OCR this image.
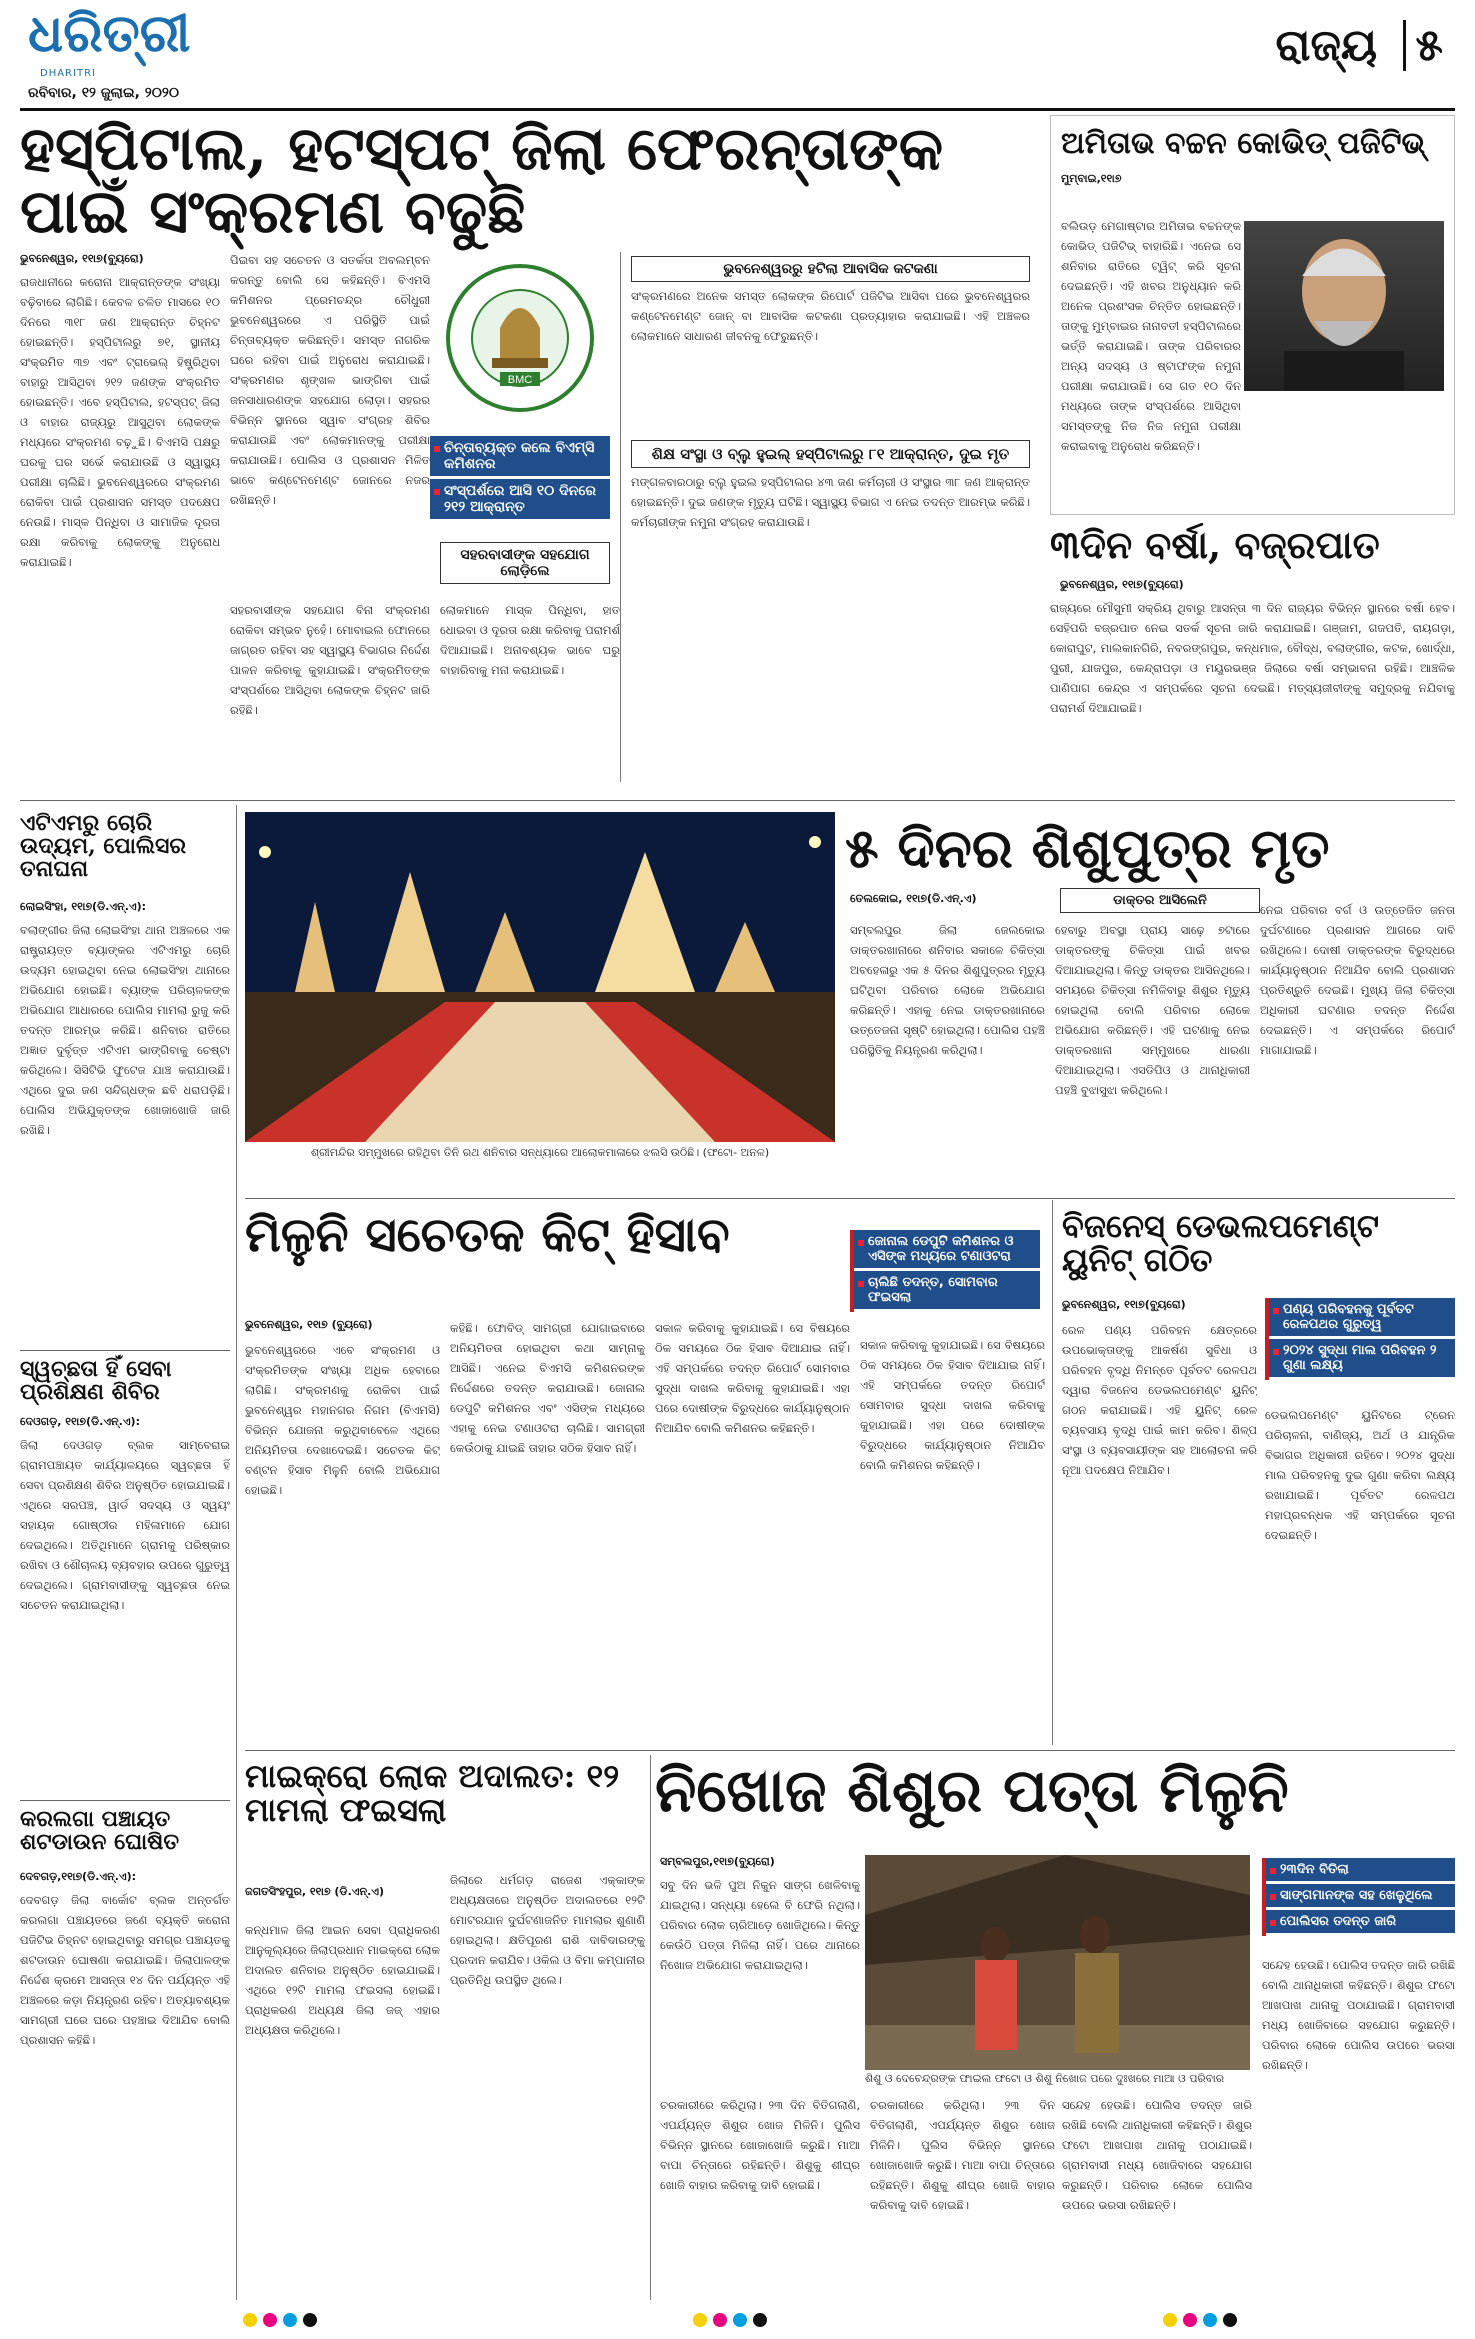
ଧରିତ୍ରୀ
DHARITRI
ରବିବାର, ୧୨ ଜୁଲାଇ, ୨୦୨୦
ରାଜ୍ୟ ୫
ହସ୍ପିଟାଲ, ହଟସ୍ପଟ୍ ଜିଲା ଫେରନ୍ତାଙ୍କ ପାଇଁ ସଂକ୍ରମଣ ବଢୁଛି
ଭୁବନେଶ୍ୱର, ୧୧ା୭(ବ୍ୟୁରୋ)
ରାଜଧାନୀରେ କରୋନା ଆକ୍ରାନ୍ତଙ୍କ ସଂଖ୍ୟା ବଢ଼ିବାରେ ଲାଗିଛି। କେବଳ ଚଳିତ ମାସରେ ୧୦ ଦିନରେ ୩୧୮ ଜଣ ଆକ୍ରାନ୍ତ ଚିହ୍ନଟ ହୋଇଛନ୍ତି। ହସ୍ପିଟାଲରୁ ୭୧, ସ୍ଥାନୀୟ ସଂକ୍ରମିତ ୩୭ ଏବଂ ଟ୍ରାଭେଲ୍ ହିଷ୍ଟ୍ରିଥିବା ବାହାରୁ ଆସିଥିବା ୨୧୨ ଜଣଙ୍କ ସଂକ୍ରମିତ ହୋଇଛନ୍ତି। ଏବେ ହସ୍ପିଟାଲ, ହଟସ୍ପଟ୍ ଜିଲା ଓ ବାହାର ରାଜ୍ୟରୁ ଆସୁଥିବା ଲୋକଙ୍କ ମଧ୍ୟରେ ସଂକ୍ରମଣ ବଢ଼ୁଛି। ବିଏମସି ପକ୍ଷରୁ ଘରକୁ ଘର ସର୍ଭେ କରାଯାଉଛି ଓ ସ୍ୱାସ୍ଥ୍ୟ ପରୀକ୍ଷା ଚାଲିଛି। ଭୁବନେଶ୍ୱରରେ ସଂକ୍ରମଣ ରୋକିବା ପାଇଁ ପ୍ରଶାସନ ସମସ୍ତ ପଦକ୍ଷେପ ନେଉଛି। ମାସ୍କ ପିନ୍ଧିବା ଓ ସାମାଜିକ ଦୂରତା ରକ୍ଷା କରିବାକୁ ଲୋକଙ୍କୁ ଅନୁରୋଧ କରାଯାଇଛି।
ପିଇବା ସହ ସଚେତନ ଓ ସତର୍କତା ଅବଲମ୍ବନ କରନ୍ତୁ ବୋଲି ସେ କହିଛନ୍ତି। ବିଏମସି କମିଶନର ପ୍ରେମଚନ୍ଦ୍ର ଚୌଧୁରୀ ଭୁବନେଶ୍ୱରରେ ଏ ପରିସ୍ଥିତି ପାଇଁ ଚିନ୍ତାବ୍ୟକ୍ତ କରିଛନ୍ତି। ସମସ୍ତ ନାଗରିକ ଘରେ ରହିବା ପାଇଁ ଅନୁରୋଧ କରାଯାଇଛି। ସଂକ୍ରମଣର ଶୃଙ୍ଖଳ ଭାଙ୍ଗିବା ପାଇଁ ଜନସାଧାରଣଙ୍କ ସହଯୋଗ ଲୋଡ଼ା। ସହରର ବିଭିନ୍ନ ସ୍ଥାନରେ ସ୍ୱାବ ସଂଗ୍ରହ ଶିବିର କରାଯାଉଛି ଏବଂ ଲୋକମାନଙ୍କୁ ପରୀକ୍ଷା କରାଯାଉଛି। ପୋଲିସ ଓ ପ୍ରଶାସନ ମିଳିତ ଭାବେ କଣ୍ଟେନମେଣ୍ଟ ଜୋନରେ ନଜର ରଖିଛନ୍ତି।
ସହରବାସୀଙ୍କ ସହଯୋଗ ବିନା ସଂକ୍ରମଣ ରୋକିବା ସମ୍ଭବ ନୁହେଁ। ମୋବାଇଲ ଫୋନରେ ଜାଗ୍ରତ ରହିବା ସହ ସ୍ୱାସ୍ଥ୍ୟ ବିଭାଗର ନିର୍ଦ୍ଦେଶ ପାଳନ କରିବାକୁ କୁହାଯାଇଛି। ସଂକ୍ରମିତଙ୍କ ସଂସ୍ପର୍ଶରେ ଆସିଥିବା ଲୋକଙ୍କ ଚିହ୍ନଟ ଜାରି ରହିଛି।
BMC
ଚିନ୍ତାବ୍ୟକ୍ତ କଲେ ବିଏମ୍ସି କମିଶନର
ସଂସ୍ପର୍ଶରେ ଆସି ୧୦ ଦିନରେ ୨୧୨ ଆକ୍ରାନ୍ତ
ସହରବାସୀଙ୍କ ସହଯୋଗ ଲୋଡ଼ିଲେ
ଲୋକମାନେ ମାସ୍କ ପିନ୍ଧିବା, ହାତ ଧୋଇବା ଓ ଦୂରତା ରକ୍ଷା କରିବାକୁ ପରାମର୍ଶ ଦିଆଯାଇଛି। ଅନାବଶ୍ୟକ ଭାବେ ଘରୁ ବାହାରିବାକୁ ମନା କରାଯାଇଛି।
ଭୁବନେଶ୍ୱରରୁ ହଟିଲା ଆବାସିକ କଟକଣା
ସଂକ୍ରମଣରେ ଅନେକ ସମସ୍ତ ଲୋକଙ୍କ ରିପୋର୍ଟ ପଜିଟିଭ ଆସିବା ପରେ ଭୁବନେଶ୍ୱରର କଣ୍ଟେନମେଣ୍ଟ ଜୋନ୍ ବା ଆବାସିକ କଟକଣା ପ୍ରତ୍ୟାହାର କରାଯାଇଛି। ଏହି ଅଞ୍ଚଳର ଲୋକମାନେ ସାଧାରଣ ଜୀବନକୁ ଫେରୁଛନ୍ତି।
ଶିକ୍ଷ ସଂସ୍ଥା ଓ ବ୍ଲୁ ହୁଇଲ୍ ହସ୍ପିଟାଲରୁ ୮୧ ଆକ୍ରାନ୍ତ, ଦୁଇ ମୃତ
ମଙ୍ଗଳବାରଠାରୁ ବ୍ଲୁ ହୁଇଲ ହସ୍ପିଟାଲର ୪୩ ଜଣ କର୍ମଚାରୀ ଓ ସଂସ୍ଥାର ୩୮ ଜଣ ଆକ୍ରାନ୍ତ ହୋଇଛନ୍ତି। ଦୁଇ ଜଣଙ୍କ ମୃତ୍ୟୁ ଘଟିଛି। ସ୍ୱାସ୍ଥ୍ୟ ବିଭାଗ ଏ ନେଇ ତଦନ୍ତ ଆରମ୍ଭ କରିଛି। କର୍ମଚାରୀଙ୍କ ନମୁନା ସଂଗ୍ରହ କରାଯାଉଛି।
ଅମିତାଭ ବଚ୍ଚନ କୋଭିଡ୍ ପଜିଟିଭ୍
ମୁମ୍ବାଇ,୧୧ା୭
ବଲିଉଡ଼ ମେଗାଷ୍ଟାର ଅମିତାଭ ବଚ୍ଚନଙ୍କ କୋଭିଡ୍ ପଜିଟିଭ୍ ବାହାରିଛି। ଏନେଇ ସେ ଶନିବାର ରାତିରେ ଟ୍ୱିଟ୍ କରି ସୂଚନା ଦେଇଛନ୍ତି। ଏହି ଖବର ଅନୁଧ୍ୟାନ କରି ଅନେକ ପ୍ରଶଂସକ ଚିନ୍ତିତ ହୋଇଛନ୍ତି। ତାଙ୍କୁ ମୁମ୍ବାଇର ନାନାବତୀ ହସ୍ପିଟାଲରେ ଭର୍ତ୍ତି କରାଯାଇଛି। ତାଙ୍କ ପରିବାରର ଅନ୍ୟ ସଦସ୍ୟ ଓ ଷ୍ଟାଫଙ୍କ ନମୁନା ପରୀକ୍ଷା କରାଯାଉଛି। ସେ ଗତ ୧୦ ଦିନ ମଧ୍ୟରେ ତାଙ୍କ ସଂସ୍ପର୍ଶରେ ଆସିଥିବା ସମସ୍ତଙ୍କୁ ନିଜ ନିଜ ନମୁନା ପରୀକ୍ଷା କରାଇବାକୁ ଅନୁରୋଧ କରିଛନ୍ତି।
୩ଦିନ ବର୍ଷା, ବଜ୍ରପାତ
ଭୁବନେଶ୍ୱର, ୧୧ା୭(ବ୍ୟୁରୋ)
ରାଜ୍ୟରେ ମୌସୁମୀ ସକ୍ରିୟ ଥିବାରୁ ଆସନ୍ତା ୩ ଦିନ ରାଜ୍ୟର ବିଭିନ୍ନ ସ୍ଥାନରେ ବର୍ଷା ହେବ। ସେହିପରି ବଜ୍ରପାତ ନେଇ ସତର୍କ ସୂଚନା ଜାରି କରାଯାଇଛି। ଗଞ୍ଜାମ, ଗଜପତି, ରାୟଗଡ଼ା, କୋରାପୁଟ, ମାଲକାନଗିରି, ନବରଙ୍ଗପୁର, କନ୍ଧମାଳ, ବୌଦ୍ଧ, ବଲାଙ୍ଗୀର, କଟକ, ଖୋର୍ଦ୍ଧା, ପୁରୀ, ଯାଜପୁର, କେନ୍ଦ୍ରାପଡ଼ା ଓ ମୟୂରଭଞ୍ଜ ଜିଲାରେ ବର୍ଷା ସମ୍ଭାବନା ରହିଛି। ଆଞ୍ଚଳିକ ପାଣିପାଗ କେନ୍ଦ୍ର ଏ ସମ୍ପର୍କରେ ସୂଚନା ଦେଇଛି। ମତ୍ସ୍ୟଜୀବୀଙ୍କୁ ସମୁଦ୍ରକୁ ନଯିବାକୁ ପରାମର୍ଶ ଦିଆଯାଇଛି।
ଏଟିଏମରୁ ଚୋରି ଉଦ୍ୟମ, ପୋଲିସର ତନାଘନା
ଲୋଇସିଂହା, ୧୧ା୭(ଡି.ଏନ୍.ଏ):
ବଲାଙ୍ଗୀର ଜିଲା ଲୋଇସିଂହା ଥାନା ଅଞ୍ଚଳରେ ଏକ ରାଷ୍ଟ୍ରାୟତ୍ତ ବ୍ୟାଙ୍କର ଏଟିଏମରୁ ଚୋରି ଉଦ୍ୟମ ହୋଇଥିବା ନେଇ ଲୋଇସିଂହା ଥାନାରେ ଅଭିଯୋଗ ହୋଇଛି। ବ୍ୟାଙ୍କ ପରିଚାଳକଙ୍କ ଅଭିଯୋଗ ଆଧାରରେ ପୋଲିସ ମାମଲା ରୁଜୁ କରି ତଦନ୍ତ ଆରମ୍ଭ କରିଛି। ଶନିବାର ରାତିରେ ଅଜ୍ଞାତ ଦୁର୍ବୃତ୍ତ ଏଟିଏମ ଭାଙ୍ଗିବାକୁ ଚେଷ୍ଟା କରିଥିଲେ। ସିସିଟିଭି ଫୁଟେଜ ଯାଞ୍ଚ କରାଯାଉଛି। ଏଥିରେ ଦୁଇ ଜଣ ସନ୍ଦିଗ୍ଧଙ୍କ ଛବି ଧରାପଡ଼ିଛି। ପୋଲିସ ଅଭିଯୁକ୍ତଙ୍କ ଖୋଜାଖୋଜି ଜାରି ରଖିଛି।
ସ୍ୱଚ୍ଛତା ହିଁ ସେବା ପ୍ରଶିକ୍ଷଣ ଶିବିର
ଦେଓଗଡ଼, ୧୧ା୭(ଡି.ଏନ୍.ଏ):
ଜିଲା ଦେଓଗଡ଼ ବ୍ଲକ ସାମ୍ବେରାଇ ଗ୍ରାମପଞ୍ଚାୟତ କାର୍ଯ୍ୟାଳୟରେ ସ୍ୱଚ୍ଛତା ହିଁ ସେବା ପ୍ରଶିକ୍ଷଣ ଶିବିର ଅନୁଷ୍ଠିତ ହୋଇଯାଇଛି। ଏଥିରେ ସରପଞ୍ଚ, ୱାର୍ଡ ସଦସ୍ୟ ଓ ସ୍ୱୟଂ ସହାୟକ ଗୋଷ୍ଠୀର ମହିଳାମାନେ ଯୋଗ ଦେଇଥିଲେ। ଅତିଥିମାନେ ଗ୍ରାମକୁ ପରିଷ୍କାର ରଖିବା ଓ ଶୌଚାଳୟ ବ୍ୟବହାର ଉପରେ ଗୁରୁତ୍ୱ ଦେଇଥିଲେ। ଗ୍ରାମବାସୀଙ୍କୁ ସ୍ୱଚ୍ଛତା ନେଇ ସଚେତନ କରାଯାଇଥିଲା।
କରଲଗା ପଞ୍ଚାୟତ ଶଟଡାଉନ ଘୋଷିତ
ଦେବଗଡ଼,୧୧ା୭(ଡି.ଏନ୍.ଏ):
ଦେବଗଡ଼ ଜିଲା ବାର୍କୋଟ ବ୍ଲକ ଅନ୍ତର୍ଗତ କରଲଗା ପଞ୍ଚାୟତରେ ଜଣେ ବ୍ୟକ୍ତି କରୋନା ପଜିଟିଭ ଚିହ୍ନଟ ହୋଇଥିବାରୁ ସମଗ୍ର ପଞ୍ଚାୟତକୁ ଶଟଡାଉନ ଘୋଷଣା କରାଯାଇଛି। ଜିଲାପାଳଙ୍କ ନିର୍ଦ୍ଦେଶ କ୍ରମେ ଆସନ୍ତା ୧୪ ଦିନ ପର୍ଯ୍ୟନ୍ତ ଏହି ଅଞ୍ଚଳରେ କଡ଼ା ନିୟନ୍ତ୍ରଣ ରହିବ। ଅତ୍ୟାବଶ୍ୟକ ସାମଗ୍ରୀ ଘରେ ଘରେ ପହଞ୍ଚାଇ ଦିଆଯିବ ବୋଲି ପ୍ରଶାସନ କହିଛି।
ଶ୍ରୀମନ୍ଦିର ସମ୍ମୁଖରେ ରହିଥିବା ତିନି ରଥ ଶନିବାର ସନ୍ଧ୍ୟାରେ ଆଲୋକମାଳାରେ ଝଲସି ଉଠିଛି। (ଫଟୋ- ଅନଳ)
୫ ଦିନର ଶିଶୁପୁତ୍ର ମୃତ
ତେଲକୋଇ, ୧୧ା୭(ଡି.ଏନ୍.ଏ)	ଡାକ୍ତର ଆସିଲେନି
ସମ୍ବଲପୁର ଜିଲା ଜେଲକୋଇ ଡାକ୍ତରଖାନାରେ ଶନିବାର ସକାଳେ ଚିକିତ୍ସା ଅବହେଳାରୁ ଏକ ୫ ଦିନର ଶିଶୁପୁତ୍ରର ମୃତ୍ୟୁ ଘଟିଥିବା ପରିବାର ଲୋକେ ଅଭିଯୋଗ କରିଛନ୍ତି। ଏହାକୁ ନେଇ ଡାକ୍ତରଖାନାରେ ଉତ୍ତେଜନା ସୃଷ୍ଟି ହୋଇଥିଲା। ପୋଲିସ ପହଞ୍ଚି ପରିସ୍ଥିତିକୁ ନିୟନ୍ତ୍ରଣ କରିଥିଲା।
ହେବାରୁ ଅବସ୍ଥା ପ୍ରାୟ ସାଢ଼େ ୭ଟାରେ ଡାକ୍ତରଙ୍କୁ ଚିକିତ୍ସା ପାଇଁ ଖବର ଦିଆଯାଇଥିଲା। କିନ୍ତୁ ଡାକ୍ତର ଆସିନଥିଲେ। ସମୟରେ ଚିକିତ୍ସା ନମିଳିବାରୁ ଶିଶୁର ମୃତ୍ୟୁ ହୋଇଥିଲା ବୋଲି ପରିବାର ଲୋକେ ଅଭିଯୋଗ କରିଛନ୍ତି। ଏହି ଘଟଣାକୁ ନେଇ ଡାକ୍ତରଖାନା ସମ୍ମୁଖରେ ଧାରଣା ଦିଆଯାଇଥିଲା। ଏସଡିପିଓ ଓ ଥାନାଧିକାରୀ ପହଞ୍ଚି ବୁଝାସୁଝା କରିଥିଲେ।
ନେଇ ପରିବାର ବର୍ଗ ଓ ଉତ୍ତେଜିତ ଜନତା ଦୁର୍ଘଟଣାରେ ପ୍ରଶାସନ ଆଗରେ ଦାବି ରଖିଥିଲେ। ଦୋଷୀ ଡାକ୍ତରଙ୍କ ବିରୁଦ୍ଧରେ କାର୍ଯ୍ୟାନୁଷ୍ଠାନ ନିଆଯିବ ବୋଲି ପ୍ରଶାସନ ପ୍ରତିଶ୍ରୁତି ଦେଇଛି। ମୁଖ୍ୟ ଜିଲା ଚିକିତ୍ସା ଅଧିକାରୀ ଘଟଣାର ତଦନ୍ତ ନିର୍ଦ୍ଦେଶ ଦେଇଛନ୍ତି। ଏ ସମ୍ପର୍କରେ ରିପୋର୍ଟ ମାଗାଯାଇଛି।
ମିଳୁନି ସଚେତକ କିଟ୍ ହିସାବ	ଜୋନାଲ ଡେପୁଟି କମିଶନର ଓ ଏସିଙ୍କ ମଧ୍ୟରେ ଟଣାଓଟରା
ଚାଲିଛି ତଦନ୍ତ, ସୋମବାର ଫଇସଲା
ଭୁବନେଶ୍ୱର, ୧୧ା୭ (ବ୍ୟୁରୋ)
ଭୁବନେଶ୍ୱରରେ ଏବେ ସଂକ୍ରମଣ ଓ ସଂକ୍ରମିତଙ୍କ ସଂଖ୍ୟା ଅଧିକ ହେବାରେ ଲାଗିଛି। ସଂକ୍ରମଣକୁ ରୋକିବା ପାଇଁ ଭୁବନେଶ୍ୱର ମହାନଗର ନିଗମ (ବିଏମସି) ବିଭିନ୍ନ ଯୋଜନା କରୁଥିବାବେଳେ ଏଥିରେ ଅନିୟମିତତା ଦେଖାଦେଇଛି। ସଚେତକ କିଟ୍ ବଣ୍ଟନ ହିସାବ ମିଳୁନି ବୋଲି ଅଭିଯୋଗ ହୋଇଛି।
କହିଛି। ଫୋବିଡ୍ ସାମଗ୍ରୀ ଯୋଗାଇବାରେ ଅନିୟମିତତା ହୋଇଥିବା କଥା ସାମ୍ନାକୁ ଆସିଛି। ଏନେଇ ବିଏମସି କମିଶନରଙ୍କ ନିର୍ଦ୍ଦେଶରେ ତଦନ୍ତ କରାଯାଉଛି। ଜୋନାଲ ଡେପୁଟି କମିଶନର ଏବଂ ଏସିଙ୍କ ମଧ୍ୟରେ ଏହାକୁ ନେଇ ଟଣାଓଟରା ଚାଲିଛି। ସାମଗ୍ରୀ କେଉଁଠାକୁ ଯାଇଛି ତାହାର ସଠିକ ହିସାବ ନାହିଁ।
ସକାଳ କରିବାକୁ କୁହାଯାଇଛି। ସେ ବିଷୟରେ ଠିକ ସମୟରେ ଠିକ ହିସାବ ଦିଆଯାଇ ନାହିଁ। ଏହି ସମ୍ପର୍କରେ ତଦନ୍ତ ରିପୋର୍ଟ ସୋମବାର ସୁଦ୍ଧା ଦାଖଲ କରିବାକୁ କୁହାଯାଇଛି। ଏହା ପରେ ଦୋଷୀଙ୍କ ବିରୁଦ୍ଧରେ କାର୍ଯ୍ୟାନୁଷ୍ଠାନ ନିଆଯିବ ବୋଲି କମିଶନର କହିଛନ୍ତି।
ସକାଳ କରିବାକୁ କୁହାଯାଇଛି। ସେ ବିଷୟରେ ଠିକ ସମୟରେ ଠିକ ହିସାବ ଦିଆଯାଇ ନାହିଁ। ଏହି ସମ୍ପର୍କରେ ତଦନ୍ତ ରିପୋର୍ଟ ସୋମବାର ସୁଦ୍ଧା ଦାଖଲ କରିବାକୁ କୁହାଯାଇଛି। ଏହା ପରେ ଦୋଷୀଙ୍କ ବିରୁଦ୍ଧରେ କାର୍ଯ୍ୟାନୁଷ୍ଠାନ ନିଆଯିବ ବୋଲି କମିଶନର କହିଛନ୍ତି।
ବିଜନେସ୍ ଡେଭଲପମେଣ୍ଟ ୟୁନିଟ୍ ଗଠିତ
ଭୁବନେଶ୍ୱର, ୧୧ା୭(ବ୍ୟୁରୋ)	ପଣ୍ୟ ପରିବହନକୁ ପୂର୍ବତଟ ରେଳପଥର ଗୁରୁତ୍ୱ
୨୦୨୪ ସୁଦ୍ଧା ମାଲ ପରିବହନ ୨ ଗୁଣା ଲକ୍ଷ୍ୟ
ରେଳ ପଣ୍ୟ ପରିବହନ କ୍ଷେତ୍ରରେ ଉପଭୋକ୍ତାଙ୍କୁ ଆକର୍ଷଣ ସୁବିଧା ଓ ପରିବହନ ବୃଦ୍ଧି ନିମନ୍ତେ ପୂର୍ବତଟ ରେଳପଥ ଦ୍ୱାରା ବିଜନେସ ଡେଭଲପମେଣ୍ଟ ୟୁନିଟ୍ ଗଠନ କରାଯାଇଛି। ଏହି ୟୁନିଟ୍ ରେଳ ବ୍ୟବସାୟ ବୃଦ୍ଧି ପାଇଁ କାମ କରିବ। ଶିଳ୍ପ ସଂସ୍ଥା ଓ ବ୍ୟବସାୟୀଙ୍କ ସହ ଆଲୋଚନା କରି ନୂଆ ପଦକ୍ଷେପ ନିଆଯିବ।
ଡେଭଲପମେଣ୍ଟ ୟୁନିଟରେ ଟ୍ରେନ ପରିଚାଳନା, ବାଣିଜ୍ୟ, ଅର୍ଥ ଓ ଯାନ୍ତ୍ରିକ ବିଭାଗର ଅଧିକାରୀ ରହିବେ। ୨୦୨୪ ସୁଦ୍ଧା ମାଲ ପରିବହନକୁ ଦୁଇ ଗୁଣା କରିବା ଲକ୍ଷ୍ୟ ରଖାଯାଇଛି। ପୂର୍ବତଟ ରେଳପଥ ମହାପ୍ରବନ୍ଧକ ଏହି ସମ୍ପର୍କରେ ସୂଚନା ଦେଇଛନ୍ତି।
ମାଇକ୍ରୋ ଲୋକ ଅଦାଲତ: ୧୨ ମାମଲା ଫଇସଲା
ଜଗତସିଂହପୁର, ୧୧ା୭ (ଡି.ଏନ୍.ଏ)
କନ୍ଧମାଳ ଜିଲା ଆଇନ ସେବା ପ୍ରାଧିକରଣ ଆନୁକୂଲ୍ୟରେ ଜିଲାପ୍ରଧାନ ମାଇକ୍ରୋ ଲୋକ ଅଦାଲତ ଶନିବାର ଅନୁଷ୍ଠିତ ହୋଇଯାଇଛି। ଏଥିରେ ୧୨ଟି ମାମଲା ଫଇସଲା ହୋଇଛି। ପ୍ରାଧିକରଣ ଅଧ୍ୟକ୍ଷ ଜିଲା ଜଜ୍ ଏହାର ଅଧ୍ୟକ୍ଷତା କରିଥିଲେ।
ଜିଲାରେ ଧର୍ମଗଡ଼ ରାଜେଶ ଏକ୍କାଙ୍କ ଅଧ୍ୟକ୍ଷତାରେ ଅନୁଷ୍ଠିତ ଅଦାଲତରେ ୧୨ଟି ମୋଟରଯାନ ଦୁର୍ଘଟଣାଜନିତ ମାମଲାର ଶୁଣାଣି ହୋଇଥିଲା। କ୍ଷତିପୂରଣ ରାଶି ଦାବିଦାରଙ୍କୁ ପ୍ରଦାନ କରାଯିବ। ଓକିଲ ଓ ବିମା କମ୍ପାନୀର ପ୍ରତିନିଧି ଉପସ୍ଥିତ ଥିଲେ।
ନିଖୋଜ ଶିଶୁର ପତ୍ତା ମିଳୁନି
ସମ୍ବଲପୁର,୧୧ା୭(ବ୍ୟୁରୋ)
ସବୁ ଦିନ ଭଳି ପୁଅ ନିକୁନ ସାଙ୍ଗ ଖେଳିବାକୁ ଯାଇଥିଲା। ସନ୍ଧ୍ୟା ହେଲେ ବି ଫେରି ନଥିଲା। ପରିବାର ଲୋକ ଚାରିଆଡ଼େ ଖୋଜିଥିଲେ। କିନ୍ତୁ କେଉଁଠି ପତ୍ତା ମିଳିଲା ନାହିଁ। ପରେ ଥାନାରେ ନିଖୋଜ ଅଭିଯୋଗ କରାଯାଇଥିଲା।
ଶିଶୁ ଓ ଦେବେନ୍ଦ୍ରଙ୍କ ଫାଇଲ ଫଟୋ ଓ ଶିଶୁ ନିଖୋଜ ପରେ ଦୁଃଖରେ ମାଆ ଓ ପରିବାର
୨୩ଦିନ ବିତିଲା
ସାଙ୍ଗମାନଙ୍କ ସହ ଖେଳୁଥିଲେ
ପୋଲିସର ତଦନ୍ତ ଜାରି
ଚରକାରୀରେ କରିଥିଲା। ୨୩ ଦିନ ବିତିଗଲାଣି, ଏପର୍ଯ୍ୟନ୍ତ ଶିଶୁର ଖୋଜ ମିଳିନି। ପୁଲିସ ବିଭିନ୍ନ ସ୍ଥାନରେ ଖୋଜାଖୋଜି କରୁଛି। ମାଆ ବାପା ଚିନ୍ତାରେ ରହିଛନ୍ତି। ଶିଶୁକୁ ଶୀଘ୍ର ଖୋଜି ବାହାର କରିବାକୁ ଦାବି ହୋଇଛି।
ଚରକାରୀରେ କରିଥିଲା। ୨୩ ଦିନ ବିତିଗଲାଣି, ଏପର୍ଯ୍ୟନ୍ତ ଶିଶୁର ଖୋଜ ମିଳିନି। ପୁଲିସ ବିଭିନ୍ନ ସ୍ଥାନରେ ଖୋଜାଖୋଜି କରୁଛି। ମାଆ ବାପା ଚିନ୍ତାରେ ରହିଛନ୍ତି। ଶିଶୁକୁ ଶୀଘ୍ର ଖୋଜି ବାହାର କରିବାକୁ ଦାବି ହୋଇଛି।
ସନ୍ଦେହ ହେଉଛି। ପୋଲିସ ତଦନ୍ତ ଜାରି ରଖିଛି ବୋଲି ଥାନାଧିକାରୀ କହିଛନ୍ତି। ଶିଶୁର ଫଟୋ ଆଖପାଖ ଥାନାକୁ ପଠାଯାଇଛି। ଗ୍ରାମବାସୀ ମଧ୍ୟ ଖୋଜିବାରେ ସହଯୋଗ କରୁଛନ୍ତି। ପରିବାର ଲୋକେ ପୋଲିସ ଉପରେ ଭରସା ରଖିଛନ୍ତି।
ସନ୍ଦେହ ହେଉଛି। ପୋଲିସ ତଦନ୍ତ ଜାରି ରଖିଛି ବୋଲି ଥାନାଧିକାରୀ କହିଛନ୍ତି। ଶିଶୁର ଫଟୋ ଆଖପାଖ ଥାନାକୁ ପଠାଯାଇଛି। ଗ୍ରାମବାସୀ ମଧ୍ୟ ଖୋଜିବାରେ ସହଯୋଗ କରୁଛନ୍ତି। ପରିବାର ଲୋକେ ପୋଲିସ ଉପରେ ଭରସା ରଖିଛନ୍ତି।
